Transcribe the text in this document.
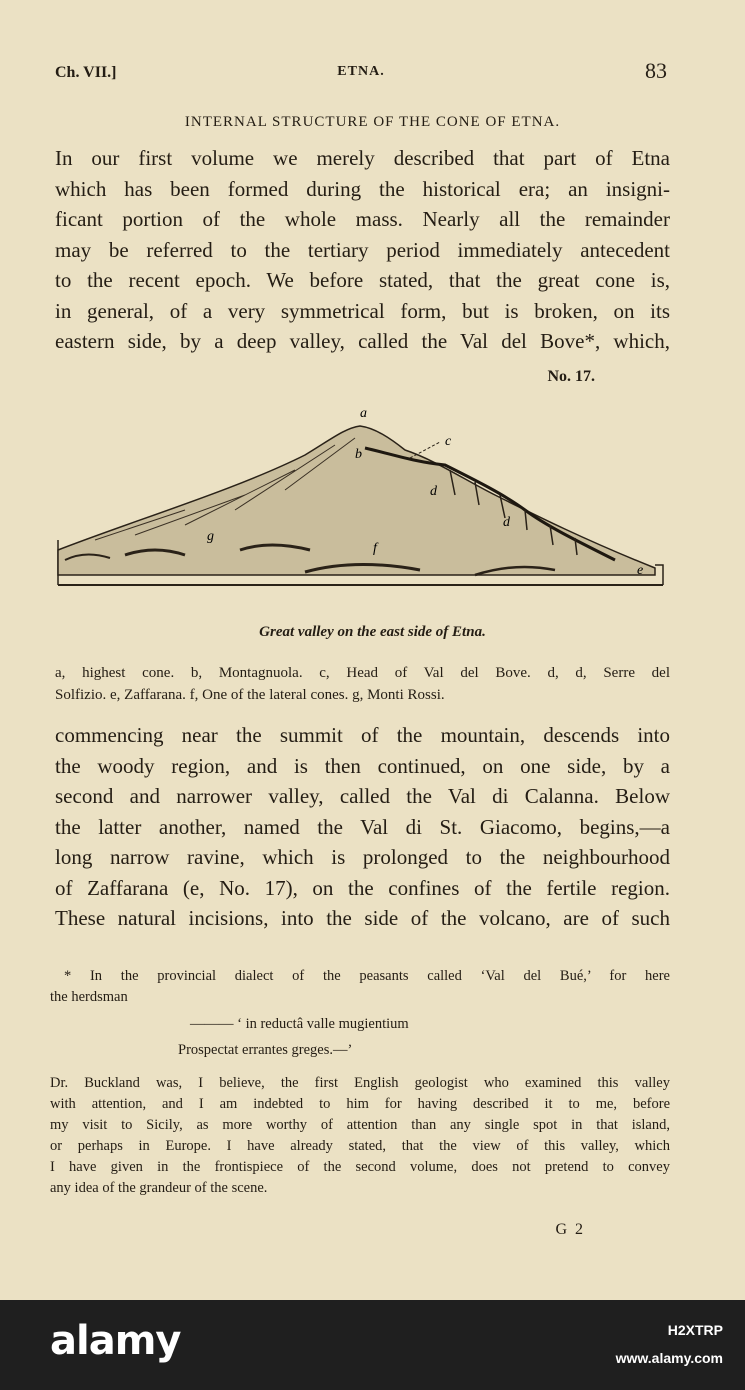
Ch. VII.]	ETNA.	83
INTERNAL STRUCTURE OF THE CONE OF ETNA.
In our first volume we merely described that part of Etna
which has been formed during the historical era; an insigni-
ficant portion of the whole mass. Nearly all the remainder
may be referred to the tertiary period immediately antecedent
to the recent epoch. We before stated, that the great cone is,
in general, of a very symmetrical form, but is broken, on its
eastern side, by a deep valley, called the Val del Bove*, which,
No. 17.
a
b
c
d
d
e
f
g
Great valley on the east side of Etna.
a, highest cone. b, Montagnuola. c, Head of Val del Bove. d, d, Serre del
Solfizio. e, Zaffarana. f, One of the lateral cones. g, Monti Rossi.
commencing near the summit of the mountain, descends into
the woody region, and is then continued, on one side, by a
second and narrower valley, called the Val di Calanna. Below
the latter another, named the Val di St. Giacomo, begins,—a
long narrow ravine, which is prolonged to the neighbourhood
of Zaffarana (e, No. 17), on the confines of the fertile region.
These natural incisions, into the side of the volcano, are of such
* In the provincial dialect of the peasants called ‘Val del Bué,’ for here
the herdsman
——— ‘ in reductâ valle mugientium
Prospectat errantes greges.—’
Dr. Buckland was, I believe, the first English geologist who examined this valley
with attention, and I am indebted to him for having described it to me, before
my visit to Sicily, as more worthy of attention than any single spot in that island,
or perhaps in Europe. I have already stated, that the view of this valley, which
I have given in the frontispiece of the second volume, does not pretend to convey
any idea of the grandeur of the scene.
G 2
alamy	H2XTRP
www.alamy.com
